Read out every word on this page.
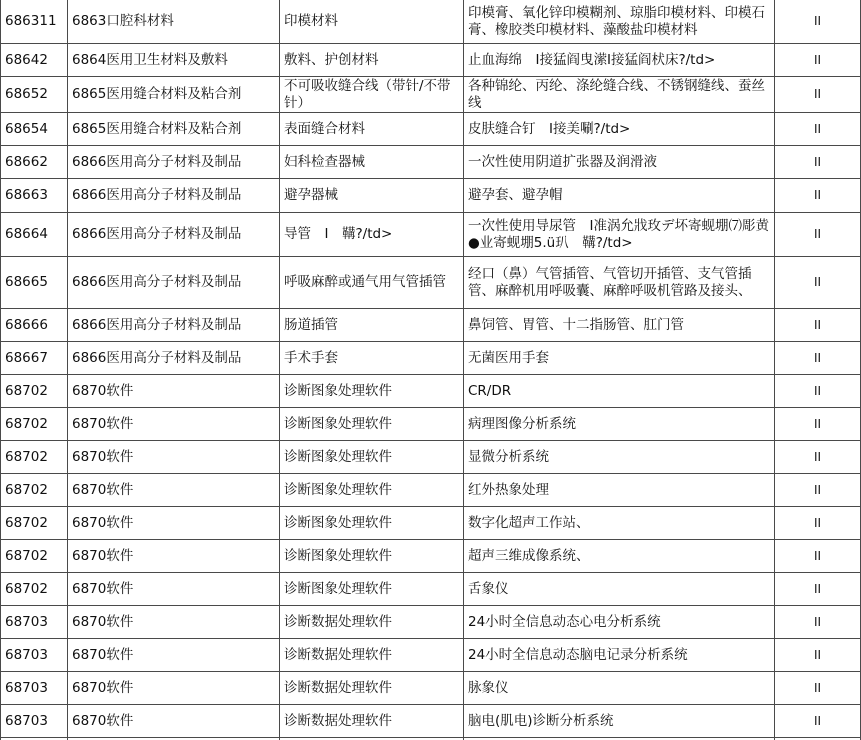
686311	6863口腔科材料	印模材料	印模膏、氧化锌印模糊剂、琼脂印模材料、印模石膏、橡胶类印模材料、藻酸盐印模材料	II
68642	6864医用卫生材料及敷料	敷料、护创材料	止血海绵　I接猛阎曳潆I接猛阎枤床?/td>	II
68652	6865医用缝合材料及粘合剂	不可吸收缝合线（带针/不带针）	各种锦纶、丙纶、涤纶缝合线、不锈钢缝线、蚕丝线	II
68654	6865医用缝合材料及粘合剂	表面缝合材料	皮肤缝合钉　I接美唰?/td>	II
68662	6866医用高分子材料及制品	妇科检查器械	一次性使用阴道扩张器及润滑液	II
68663	6866医用高分子材料及制品	避孕器械	避孕套、避孕帽	II
68664	6866医用高分子材料及制品	导管　I　鞲?/td>	一次性使用导尿管　I准涡允戕玫デ坏寄蚬堋⑺彫黄●业寄蚬堋5.ü玐　鞲?/td>	II
68665	6866医用高分子材料及制品	呼吸麻醉或通气用气管插管	经口（鼻）气管插管、气管切开插管、支气管插管、麻醉机用呼吸囊、麻醉呼吸机管路及接头、	II
68666	6866医用高分子材料及制品	肠道插管	鼻饲管、胃管、十二指肠管、肛门管	II
68667	6866医用高分子材料及制品	手术手套	无菌医用手套	II
68702	6870软件	诊断图象处理软件	CR/DR	II
68702	6870软件	诊断图象处理软件	病理图像分析系统	II
68702	6870软件	诊断图象处理软件	显微分析系统	II
68702	6870软件	诊断图象处理软件	红外热象处理	II
68702	6870软件	诊断图象处理软件	数字化超声工作站、	II
68702	6870软件	诊断图象处理软件	超声三维成像系统、	II
68702	6870软件	诊断图象处理软件	舌象仪	II
68703	6870软件	诊断数据处理软件	24小时全信息动态心电分析系统	II
68703	6870软件	诊断数据处理软件	24小时全信息动态脑电记录分析系统	II
68703	6870软件	诊断数据处理软件	脉象仪	II
68703	6870软件	诊断数据处理软件	脑电(肌电)诊断分析系统	II
